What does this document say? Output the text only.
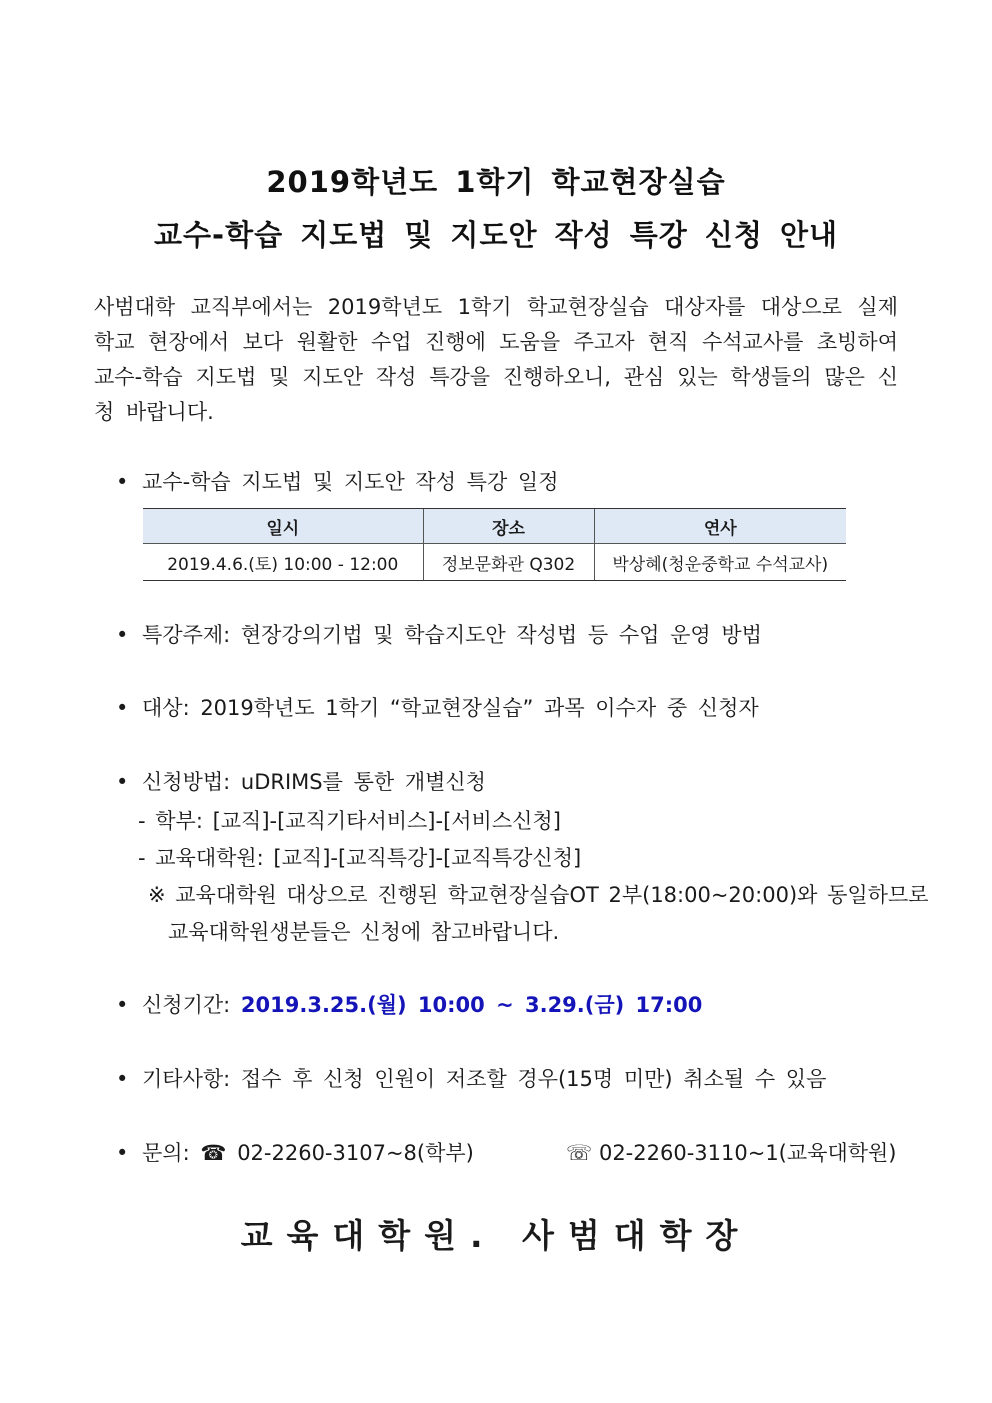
2019학년도 1학기 학교현장실습
교수-학습 지도법 및 지도안 작성 특강 신청 안내
사범대학 교직부에서는 2019학년도 1학기 학교현장실습 대상자를 대상으로 실제 학교 현장에서 보다 원활한 수업 진행에 도움을 주고자 현직 수석교사를 초빙하여 교수-학습 지도법 및 지도안 작성 특강을 진행하오니, 관심 있는 학생들의 많은 신청 바랍니다.
• 교수-학습 지도법 및 지도안 작성 특강 일정
일시	장소	연사
2019.4.6.(토) 10:00 - 12:00	정보문화관 Q302	박상혜(청운중학교 수석교사)
• 특강주제: 현장강의기법 및 학습지도안 작성법 등 수업 운영 방법
• 대상: 2019학년도 1학기 “학교현장실습” 과목 이수자 중 신청자
• 신청방법: uDRIMS를 통한 개별신청
- 학부: [교직]-[교직기타서비스]-[서비스신청]
- 교육대학원: [교직]-[교직특강]-[교직특강신청]
※ 교육대학원 대상으로 진행된 학교현장실습OT 2부(18:00~20:00)와 동일하므로
교육대학원생분들은 신청에 참고바랍니다.
• 신청기간: 2019.3.25.(월) 10:00 ~ 3.29.(금) 17:00
• 기타사항: 접수 후 신청 인원이 저조할 경우(15명 미만) 취소될 수 있음
• 문의: ☎ 02-2260-3107~8(학부)	☏ 02-2260-3110~1(교육대학원)
교육대학원. 사범대학장
